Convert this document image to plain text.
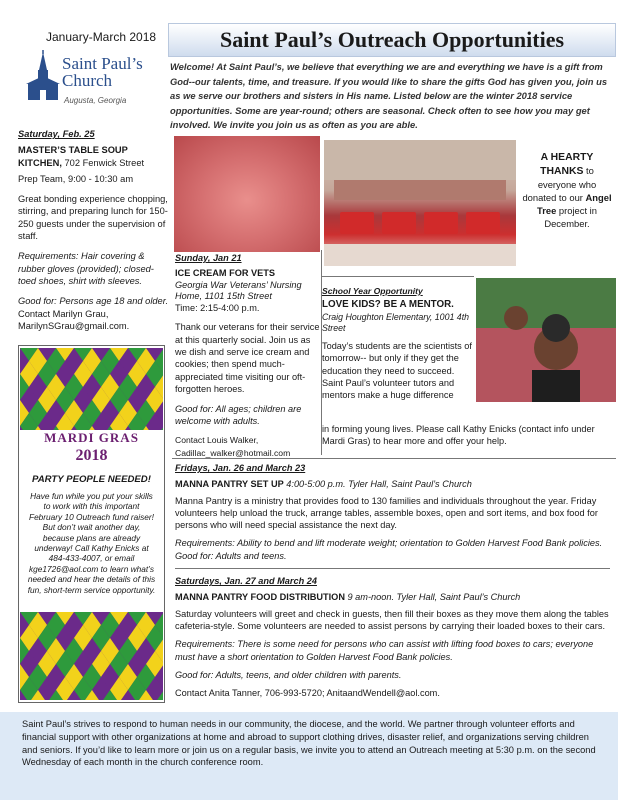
January-March 2018
Saint Paul’s Church
Augusta, Georgia
Saint Paul’s Outreach Opportunities
Welcome! At Saint Paul’s, we believe that everything we are and everything we have is a gift from God--our talents, time, and treasure. If you would like to share the gifts God has given you, join us as we serve our brothers and sisters in His name. Listed below are the winter 2018 service opportunities. Some are year-round; others are seasonal. Check often to see how you may get involved. We invite you join us as often as you are able.

Saturday, Feb. 25

MASTER’S TABLE SOUP KITCHEN, 702 Fenwick Street

Prep Team, 9:00 - 10:30 am

Great bonding experience chopping, stirring, and preparing lunch for 150-250 guests under the supervision of staff.

Requirements: Hair covering & rubber gloves (provided); closed-toed shoes, shirt with sleeves.

Good for: Persons age 18 and older. Contact Marilyn Grau, MarilynSGrau@gmail.com.

MARDI GRAS
2018
PARTY PEOPLE NEEDED!
Have fun while you put your skills to work with this important February 10 Outreach fund raiser! But don’t wait another day, because plans are already underway! Call Kathy Enicks at 484-433-4007, or email kge1726@aol.com to learn what’s needed and hear the details of this fun, short-term service opportunity.
A HEARTY THANKS to everyone who donated to our Angel Tree project in December.

Sunday, Jan 21

ICE CREAM FOR VETS

Georgia War Veterans’ Nursing Home, 1101 15th Street

Time: 2:15-4:00 p.m.

Thank our veterans for their service at this quarterly social. Join us as we dish and serve ice cream and cookies; then spend much-appreciated time visiting our oft-forgotten heroes.

Good for: All ages; children are welcome with adults.

Contact Louis Walker, Cadillac_walker@hotmail.com

School Year Opportunity
LOVE KIDS? BE A MENTOR.
Craig Houghton Elementary, 1001 4th Street
Today’s students are the scientists of tomorrow-- but only if they get the education they need to succeed. Saint Paul’s volunteer tutors and mentors make a huge difference
in forming young lives. Please call Kathy Enicks (contact info under Mardi Gras) to hear more and offer your help.

Fridays, Jan. 26 and March 23

MANNA PANTRY SET UP 4:00-5:00 p.m. Tyler Hall, Saint Paul’s Church

Manna Pantry is a ministry that provides food to 130 families and individuals throughout the year. Friday volunteers help unload the truck, arrange tables, assemble boxes, open and sort items, and box food for persons who will need special assistance the next day.

Requirements: Ability to bend and lift moderate weight; orientation to Golden Harvest Food Bank policies. Good for: Adults and teens.

Saturdays, Jan. 27 and March 24

MANNA PANTRY FOOD DISTRIBUTION 9 am-noon. Tyler Hall, Saint Paul’s Church

Saturday volunteers will greet and check in guests, then fill their boxes as they move them along the tables cafeteria-style. Some volunteers are needed to assist persons by carrying their loaded boxes to their cars.

Requirements: There is some need for persons who can assist with lifting food boxes to cars; everyone must have a short orientation to Golden Harvest Food Bank policies.

Good for: Adults, teens, and older children with parents.

Contact Anita Tanner, 706-993-5720; AnitaandWendell@aol.com.

Saint Paul’s strives to respond to human needs in our community, the diocese, and the world. We partner through volunteer efforts and financial support with other organizations at home and abroad to support clothing drives, disaster relief, and organizations serving children and seniors. If you’d like to learn more or join us on a regular basis, we invite you to attend an Outreach meeting at 5:30 p.m. on the second Wednesday of each month in the church conference room.
